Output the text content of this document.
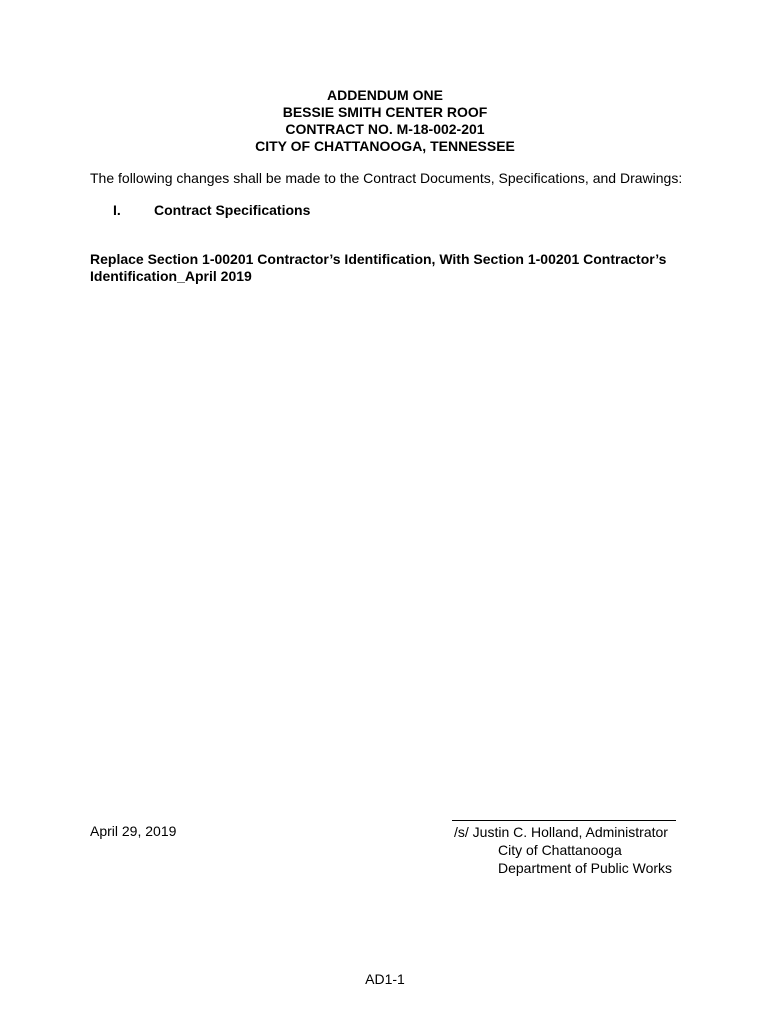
ADDENDUM ONE
BESSIE SMITH CENTER ROOF
CONTRACT NO. M-18-002-201
CITY OF CHATTANOOGA, TENNESSEE
The following changes shall be made to the Contract Documents, Specifications, and Drawings:
I. Contract Specifications
Replace Section 1-00201 Contractor’s Identification, With Section 1-00201 Contractor’s Identification_April 2019
April 29, 2019	/s/ Justin C. Holland, Administrator
City of Chattanooga
Department of Public Works
AD1-1
